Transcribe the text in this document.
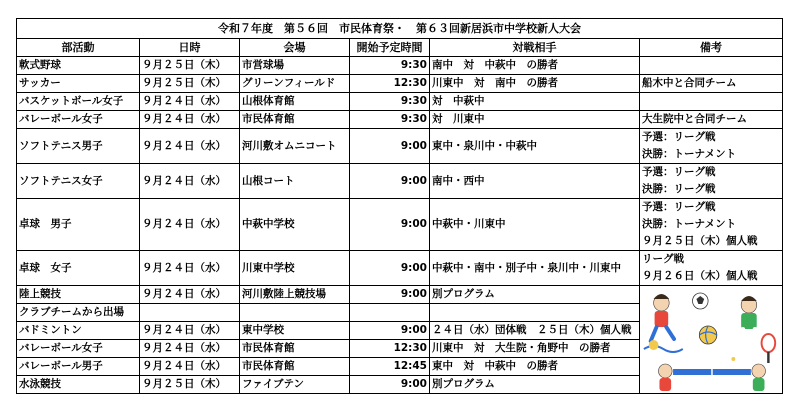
令和７年度　第５６回　市民体育祭・　第６３回新居浜市中学校新人大会					
部活動	日時	会場	開始予定時間	対戦相手	備考
軟式野球	９月２５日（木）	市営球場	9:30	南中　対　中萩中　の勝者	
サッカー	９月２５日（木）	グリーンフィールド	12:30	川東中　対　南中　の勝者	船木中と合同チーム

バスケットボール女子	９月２４日（水）	山根体育館	9:30	対　中萩中	
バレーボール女子	９月２４日（水）	市民体育館	9:30	対　川東中	大生院中と合同チーム

ソフトテニス男子	９月２４日（水）	河川敷オムニコート	9:00	東中・泉川中・中萩中	予選：リーグ戦
決勝：トーナメント

ソフトテニス女子	９月２４日（水）	山根コート	9:00	南中・西中	予選：リーグ戦
決勝：リーグ戦

卓球　男子	９月２４日（水）	中萩中学校	9:00	中萩中・川東中	予選：リーグ戦
決勝：トーナメント
９月２５日（木）個人戦

卓球　女子	９月２４日（水）	川東中学校	9:00	中萩中・南中・別子中・泉川中・川東中	リーグ戦
９月２６日（木）個人戦

陸上競技	９月２４日（水）	河川敷陸上競技場	9:00	別プログラム	

クラブチームから出場					
バドミントン	９月２４日（水）	東中学校	9:00	２４日（水）団体戦　２５日（木）個人戦	
バレーボール女子	９月２４日（水）	市民体育館	12:30	川東中　対　大生院・角野中　の勝者	
バレーボール男子	９月２４日（水）	市民体育館	12:45	東中　対　中萩中　の勝者	
水泳競技	９月２５日（木）	ファイブテン	9:00	別プログラム	
